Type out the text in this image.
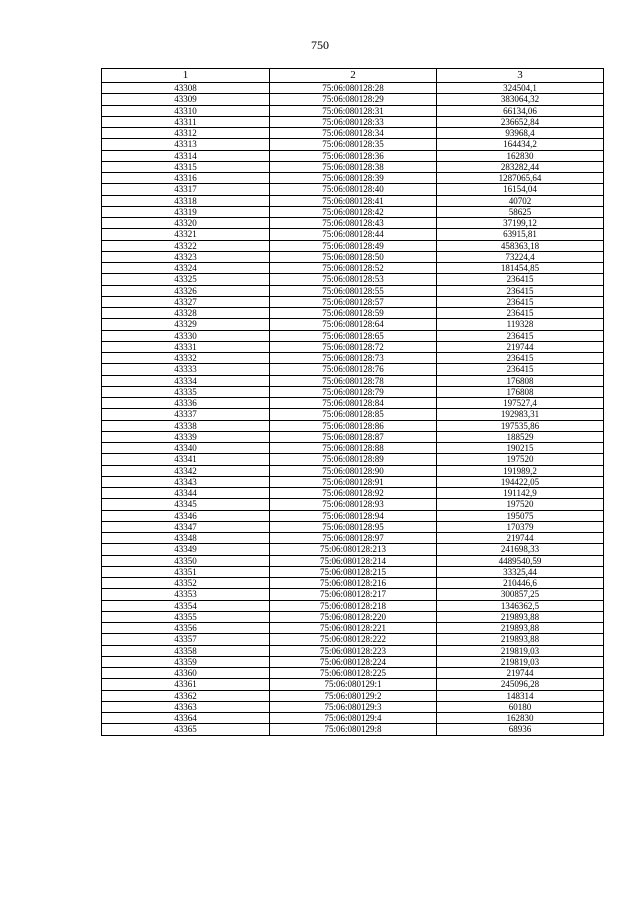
750
1	2	3
43308	75:06:080128:28	324504,1
43309	75:06:080128:29	383064,32
43310	75:06:080128:31	66134,06
43311	75:06:080128:33	236652,84
43312	75:06:080128:34	93968,4
43313	75:06:080128:35	164434,2
43314	75:06:080128:36	162830
43315	75:06:080128:38	283282,44
43316	75:06:080128:39	1287065,64
43317	75:06:080128:40	16154,04
43318	75:06:080128:41	40702
43319	75:06:080128:42	58625
43320	75:06:080128:43	37199,12
43321	75:06:080128:44	63915,81
43322	75:06:080128:49	458363,18
43323	75:06:080128:50	73224,4
43324	75:06:080128:52	181454,85
43325	75:06:080128:53	236415
43326	75:06:080128:55	236415
43327	75:06:080128:57	236415
43328	75:06:080128:59	236415
43329	75:06:080128:64	119328
43330	75:06:080128:65	236415
43331	75:06:080128:72	219744
43332	75:06:080128:73	236415
43333	75:06:080128:76	236415
43334	75:06:080128:78	176808
43335	75:06:080128:79	176808
43336	75:06:080128:84	197527,4
43337	75:06:080128:85	192983,31
43338	75:06:080128:86	197535,86
43339	75:06:080128:87	188529
43340	75:06:080128:88	190215
43341	75:06:080128:89	197520
43342	75:06:080128:90	191989,2
43343	75:06:080128:91	194422,05
43344	75:06:080128:92	191142,9
43345	75:06:080128:93	197520
43346	75:06:080128:94	195075
43347	75:06:080128:95	170379
43348	75:06:080128:97	219744
43349	75:06:080128:213	241698,33
43350	75:06:080128:214	4489540,59
43351	75:06:080128:215	33325,44
43352	75:06:080128:216	210446,6
43353	75:06:080128:217	300857,25
43354	75:06:080128:218	1346362,5
43355	75:06:080128:220	219893,88
43356	75:06:080128:221	219893,88
43357	75:06:080128:222	219893,88
43358	75:06:080128:223	219819,03
43359	75:06:080128:224	219819,03
43360	75:06:080128:225	219744
43361	75:06:080129:1	245096,28
43362	75:06:080129:2	148314
43363	75:06:080129:3	60180
43364	75:06:080129:4	162830
43365	75:06:080129:8	68936
